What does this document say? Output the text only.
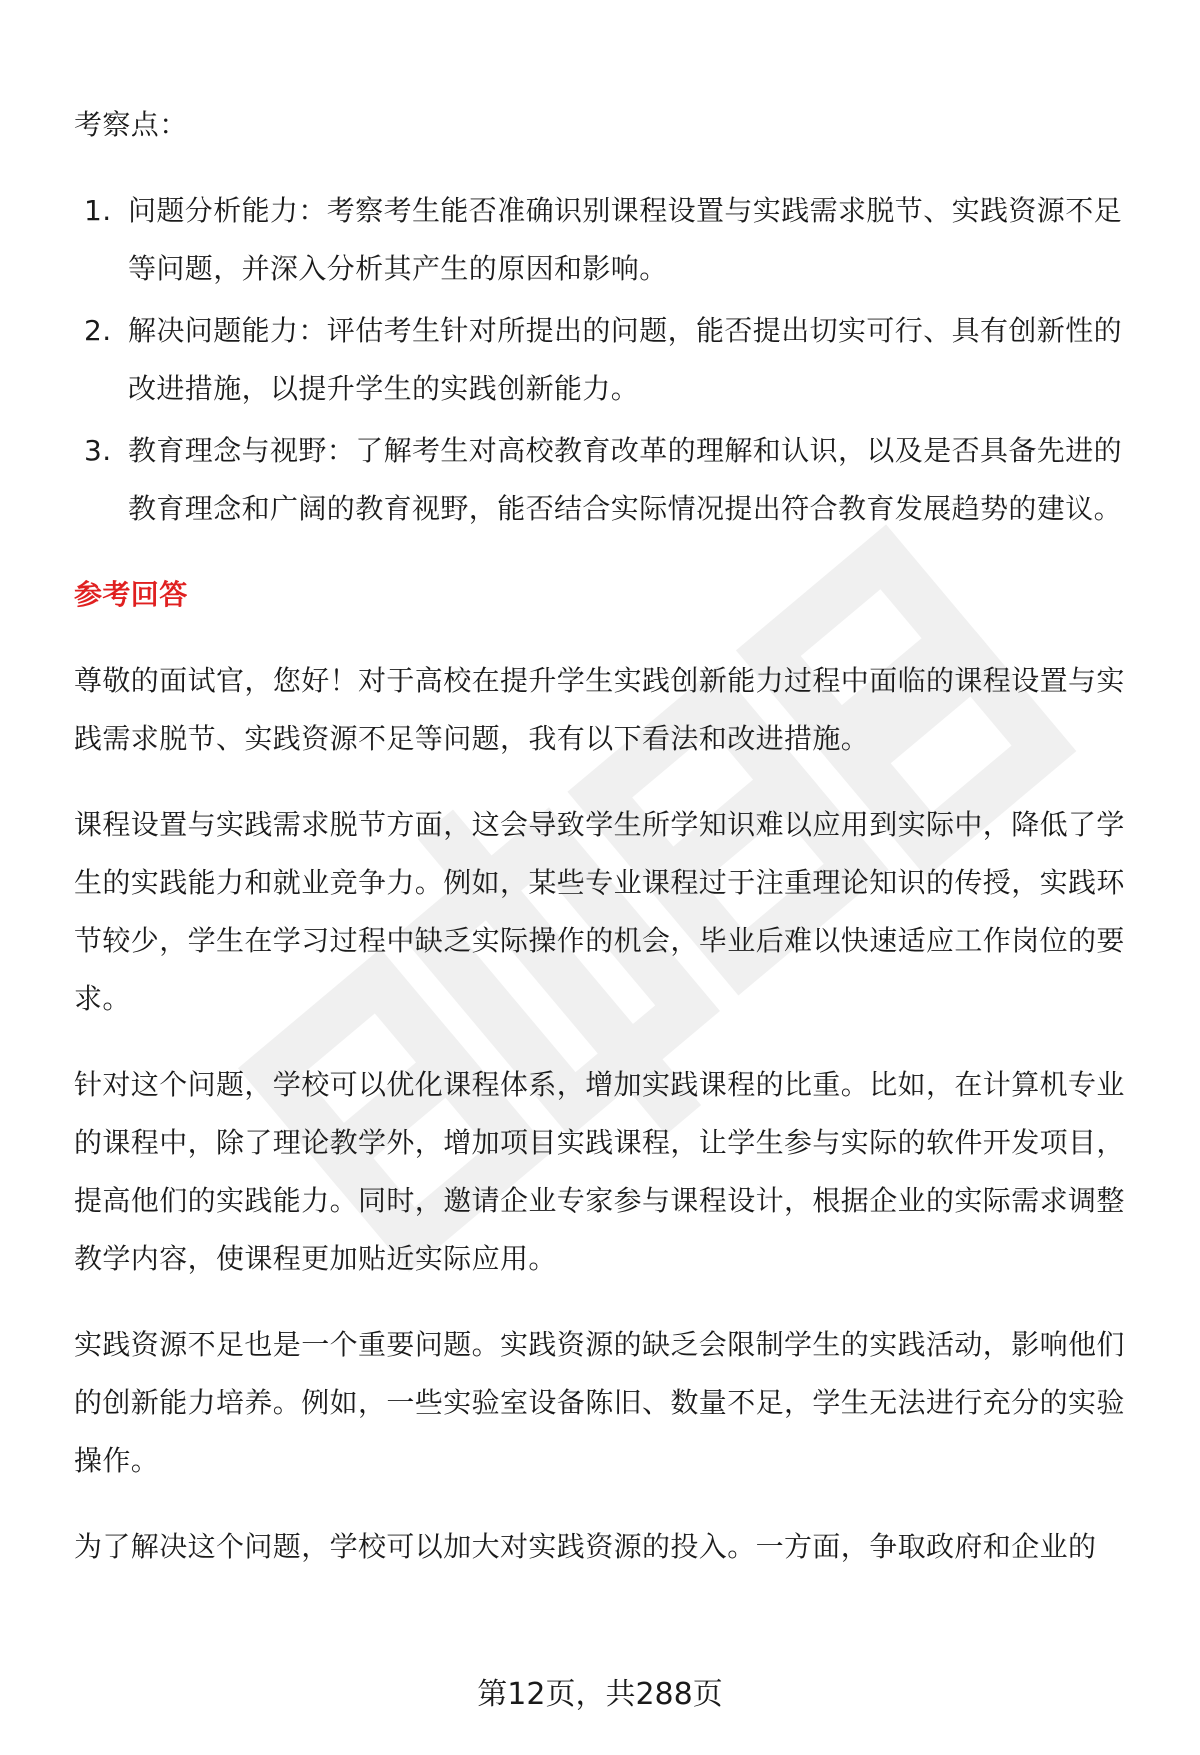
考察点：

1. 问题分析能力：考察考生能否准确识别课程设置与实践需求脱节、实践资源不足等问题，并深入分析其产生的原因和影响。
2. 解决问题能力：评估考生针对所提出的问题，能否提出切实可行、具有创新性的改进措施，以提升学生的实践创新能力。
3. 教育理念与视野：了解考生对高校教育改革的理解和认识，以及是否具备先进的教育理念和广阔的教育视野，能否结合实际情况提出符合教育发展趋势的建议。

参考回答

尊敬的面试官，您好！对于高校在提升学生实践创新能力过程中面临的课程设置与实践需求脱节、实践资源不足等问题，我有以下看法和改进措施。

课程设置与实践需求脱节方面，这会导致学生所学知识难以应用到实际中，降低了学生的实践能力和就业竞争力。例如，某些专业课程过于注重理论知识的传授，实践环节较少，学生在学习过程中缺乏实际操作的机会，毕业后难以快速适应工作岗位的要求。

针对这个问题，学校可以优化课程体系，增加实践课程的比重。比如，在计算机专业的课程中，除了理论教学外，增加项目实践课程，让学生参与实际的软件开发项目，提高他们的实践能力。同时，邀请企业专家参与课程设计，根据企业的实际需求调整教学内容，使课程更加贴近实际应用。

实践资源不足也是一个重要问题。实践资源的缺乏会限制学生的实践活动，影响他们的创新能力培养。例如，一些实验室设备陈旧、数量不足，学生无法进行充分的实验操作。

为了解决这个问题，学校可以加大对实践资源的投入。一方面，争取政府和企业的

第12页，共288页
